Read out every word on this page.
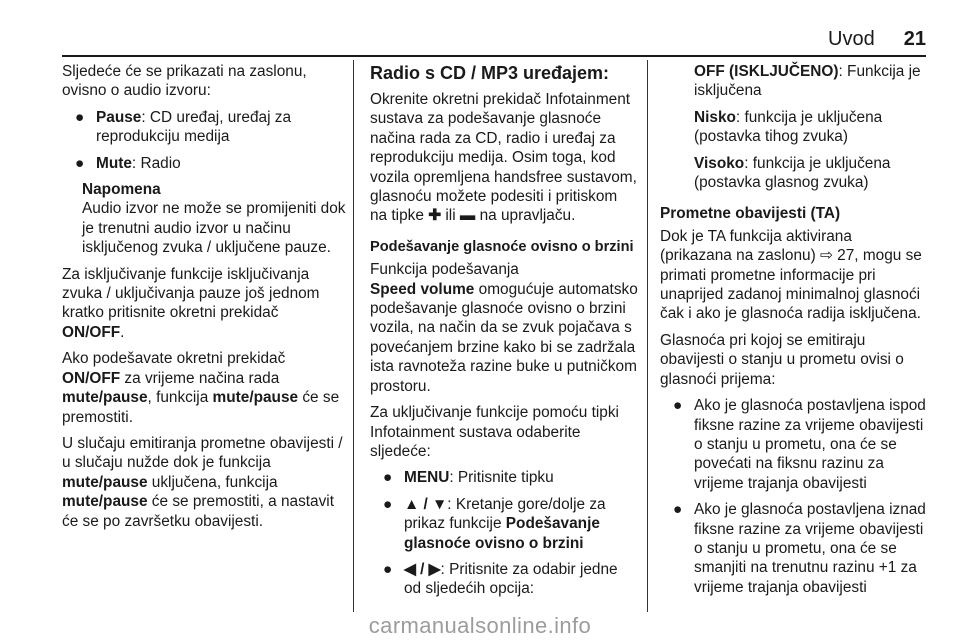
Uvod	21

Sljedeće će se prikazati na zaslonu, ovisno o audio izvoru:

● Pause: CD uređaj, uređaj za reprodukciju medija
● Mute: Radio
Napomena
Audio izvor ne može se promijeniti dok je trenutni audio izvor u načinu isključenog zvuka / uključene pauze.

Za isključivanje funkcije isključivanja zvuka / uključivanja pauze još jednom kratko pritisnite okretni prekidač
ON/OFF.

Ako podešavate okretni prekidač
ON/OFF za vrijeme načina rada
mute/pause, funkcija mute/pause će se premostiti.

U slučaju emitiranja prometne obavijesti / u slučaju nužde dok je funkcija mute/pause uključena, funkcija mute/pause će se premostiti, a nastavit će se po završetku obavijesti.

Radio s CD / MP3 uređajem:

Okrenite okretni prekidač Infotainment sustava za podešavanje glasnoće načina rada za CD, radio i uređaj za reprodukciju medija. Osim toga, kod vozila opremljena handsfree sustavom, glasnoću možete podesiti i pritiskom na tipke ✚ ili ▬ na upravljaču.

Podešavanje glasnoće ovisno o brzini

Funkcija podešavanja
Speed volume omogućuje automatsko podešavanje glasnoće ovisno o brzini vozila, na način da se zvuk pojačava s povećanjem brzine kako bi se zadržala ista ravnoteža razine buke u putničkom prostoru.

Za uključivanje funkcije pomoću tipki Infotainment sustava odaberite sljedeće:

● MENU: Pritisnite tipku
● ▲ / ▼: Kretanje gore/dolje za prikaz funkcije Podešavanje glasnoće ovisno o brzini
● ◀ / ▶: Pritisnite za odabir jedne od sljedećih opcija:

OFF (ISKLJUČENO): Funkcija je isključena

Nisko: funkcija je uključena (postavka tihog zvuka)

Visoko: funkcija je uključena (postavka glasnog zvuka)

Prometne obavijesti (TA)

Dok je TA funkcija aktivirana (prikazana na zaslonu) ⇨ 27, mogu se primati prometne informacije pri unaprijed zadanoj minimalnoj glasnoći čak i ako je glasnoća radija isključena.

Glasnoća pri kojoj se emitiraju obavijesti o stanju u prometu ovisi o glasnoći prijema:

● Ako je glasnoća postavljena ispod fiksne razine za vrijeme obavijesti o stanju u prometu, ona će se povećati na fiksnu razinu za vrijeme trajanja obavijesti
● Ako je glasnoća postavljena iznad fiksne razine za vrijeme obavijesti o stanju u prometu, ona će se smanjiti na trenutnu razinu +1 za vrijeme trajanja obavijesti
carmanualsonline.info
